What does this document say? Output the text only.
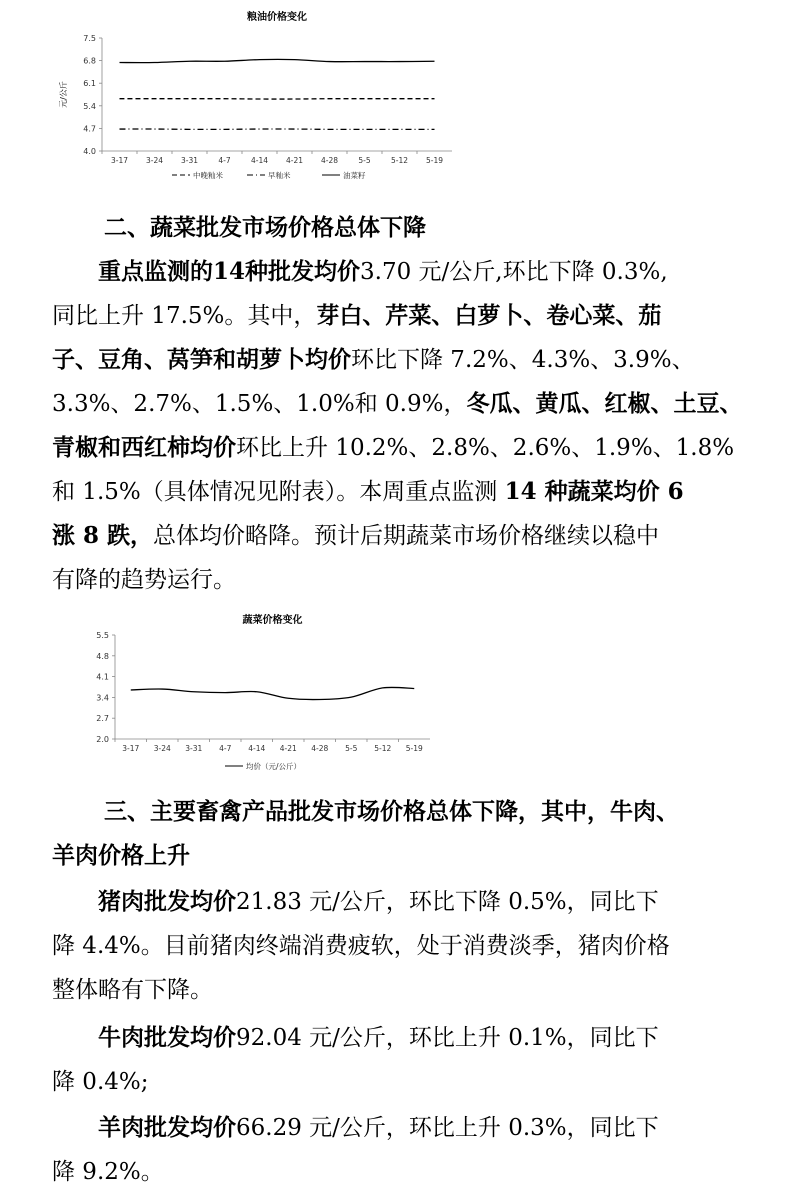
粮油价格变化
元/公斤
7.5
6.8
6.1
5.4
4.7
4.0
3-17 3-24 3-31	4-7	4-14 4-21 4-28	5-5	5-12 5-19
中晚籼米	早籼米	油菜籽
二、蔬菜批发市场价格总体下降

重点监测的14种批发均价3.70 元/公斤,环比下降 0.3%,
同比上升 17.5%。其中，芽白、芹菜、白萝卜、卷心菜、茄
子、豆角、莴笋和胡萝卜均价环比下降 7.2%、4.3%、3.9%、
3.3%、2.7%、1.5%、1.0%和 0.9%，冬瓜、黄瓜、红椒、土豆、
青椒和西红柿均价环比上升 10.2%、2.8%、2.6%、1.9%、1.8%
和 1.5%（具体情况见附表）。本周重点监测 14 种蔬菜均价 6
涨 8 跌，总体均价略降。预计后期蔬菜市场价格继续以稳中
有降的趋势运行。

蔬菜价格变化
5.5
4.8
4.1
3.4
2.7
2.0
3-17 3-24 3-31 4-7 4-14 4-21 4-28 5-5 5-12 5-19
均价（元/公斤）
三、主要畜禽产品批发市场价格总体下降，其中，牛肉、
羊肉价格上升

猪肉批发均价21.83 元/公斤，环比下降 0.5%，同比下
降 4.4%。目前猪肉终端消费疲软，处于消费淡季，猪肉价格
整体略有下降。

牛肉批发均价92.04 元/公斤，环比上升 0.1%，同比下
降 0.4%;

羊肉批发均价66.29 元/公斤，环比上升 0.3%，同比下
降 9.2%。
